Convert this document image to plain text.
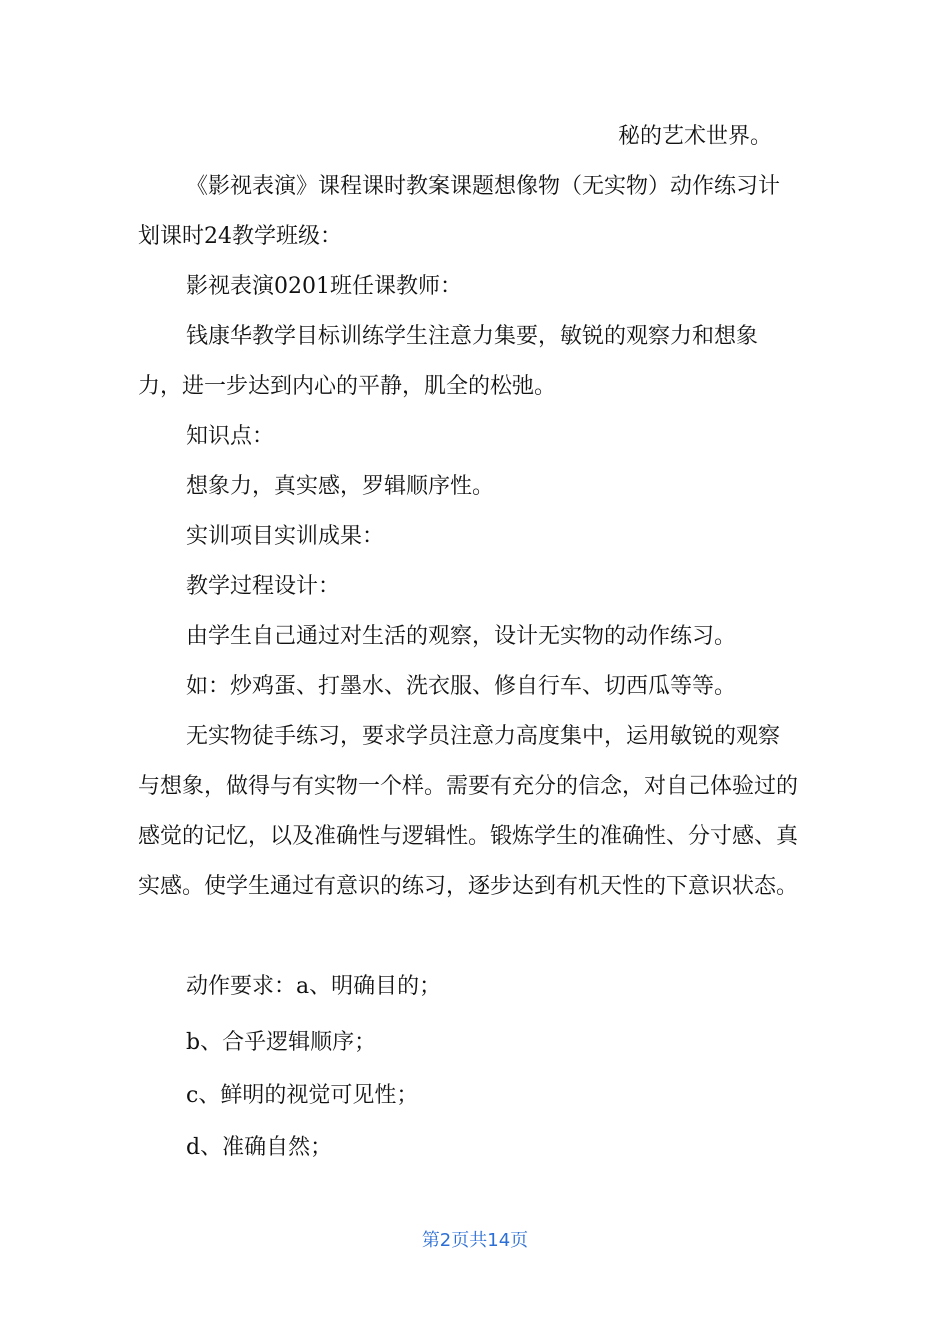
秘的艺术世界。

《影视表演》课程课时教案课题想像物（无实物）动作练习计划课时24教学班级：

影视表演0201班任课教师：

钱康华教学目标训练学生注意力集要，敏锐的观察力和想象力，进一步达到内心的平静，肌全的松弛。

知识点：

想象力，真实感，罗辑顺序性。

实训项目实训成果：

教学过程设计：

由学生自己通过对生活的观察，设计无实物的动作练习。

如：炒鸡蛋、打墨水、洗衣服、修自行车、切西瓜等等。

无实物徒手练习，要求学员注意力高度集中，运用敏锐的观察与想象，做得与有实物一个样。需要有充分的信念，对自己体验过的感觉的记忆，以及准确性与逻辑性。锻炼学生的准确性、分寸感、真实感。使学生通过有意识的练习，逐步达到有机天性的下意识状态。

动作要求：a、明确目的；

b、合乎逻辑顺序；

c、鲜明的视觉可见性；

d、准确自然；

第2页共14页
